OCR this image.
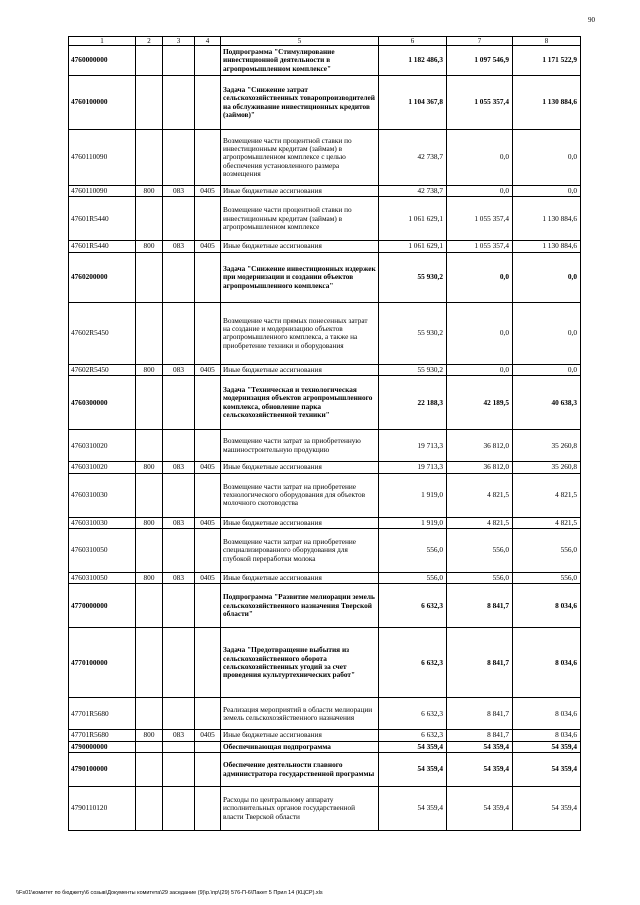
90
1	2	3	4	5	6	7	8
4760000000				Подпрограмма "Стимулирование инвестиционной деятельности в агропромышленном комплексе"	1 182 486,3	1 097 546,9	1 171 522,9
4760100000				Задача "Снижение затрат сельскохозяйственных товаропроизводителей на обслуживание инвестиционных кредитов (займов)"	1 104 367,8	1 055 357,4	1 130 884,6
4760110090				Возмещение части процентной ставки по инвестиционным кредитам (займам) в агропромышленном комплексе с целью обеспечения установленного размера возмещения	42 738,7	0,0	0,0
4760110090	800	083	0405	Иные бюджетные ассигнования	42 738,7	0,0	0,0
47601R5440				Возмещение части процентной ставки по инвестиционным кредитам (займам) в агропромышленном комплексе	1 061 629,1	1 055 357,4	1 130 884,6
47601R5440	800	083	0405	Иные бюджетные ассигнования	1 061 629,1	1 055 357,4	1 130 884,6
4760200000				Задача "Снижение инвестиционных издержек при модернизации и создании объектов агропромышленного комплекса"	55 930,2	0,0	0,0
47602R5450				Возмещение части прямых понесенных затрат на создание и модернизацию объектов агропромышленного комплекса, а также на приобретение техники и оборудования	55 930,2	0,0	0,0
47602R5450	800	083	0405	Иные бюджетные ассигнования	55 930,2	0,0	0,0
4760300000				Задача "Техническая и технологическая модернизация объектов агропромышленного комплекса, обновление парка сельскохозяйственной техники"	22 188,3	42 189,5	40 638,3
4760310020				Возмещение части затрат за приобретенную машиностроительную продукцию	19 713,3	36 812,0	35 260,8
4760310020	800	083	0405	Иные бюджетные ассигнования	19 713,3	36 812,0	35 260,8
4760310030				Возмещение части затрат на приобретение технологического оборудования для объектов молочного скотоводства	1 919,0	4 821,5	4 821,5
4760310030	800	083	0405	Иные бюджетные ассигнования	1 919,0	4 821,5	4 821,5
4760310050				Возмещение части затрат на приобретение специализированного оборудования для глубокой переработки молока	556,0	556,0	556,0
4760310050	800	083	0405	Иные бюджетные ассигнования	556,0	556,0	556,0
4770000000				Подпрограмма "Развитие мелиорации земель сельскохозяйственного назначения Тверской области"	6 632,3	8 841,7	8 034,6
4770100000				Задача "Предотвращение выбытия из сельскохозяйственного оборота сельскохозяйственных угодий за счет проведения культуртехнических работ"	6 632,3	8 841,7	8 034,6
47701R5680				Реализация мероприятий в области мелиорации земель сельскохозяйственного назначения	6 632,3	8 841,7	8 034,6
47701R5680	800	083	0405	Иные бюджетные ассигнования	6 632,3	8 841,7	8 034,6
4790000000				Обеспечивающая подпрограмма	54 359,4	54 359,4	54 359,4
4790100000				Обеспечение деятельности главного администратора государственной программы	54 359,4	54 359,4	54 359,4
4790110120				Расходы по центральному аппарату исполнительных органов государственной власти Тверской области	54 359,4	54 359,4	54 359,4
\\Fs01\комитет по бюджету\6 созыв\Документы комитета\29 заседание (9)\р.\пр\(29) 576-П-6\Пакет 5 Прил 14 (КЦСР).xls
